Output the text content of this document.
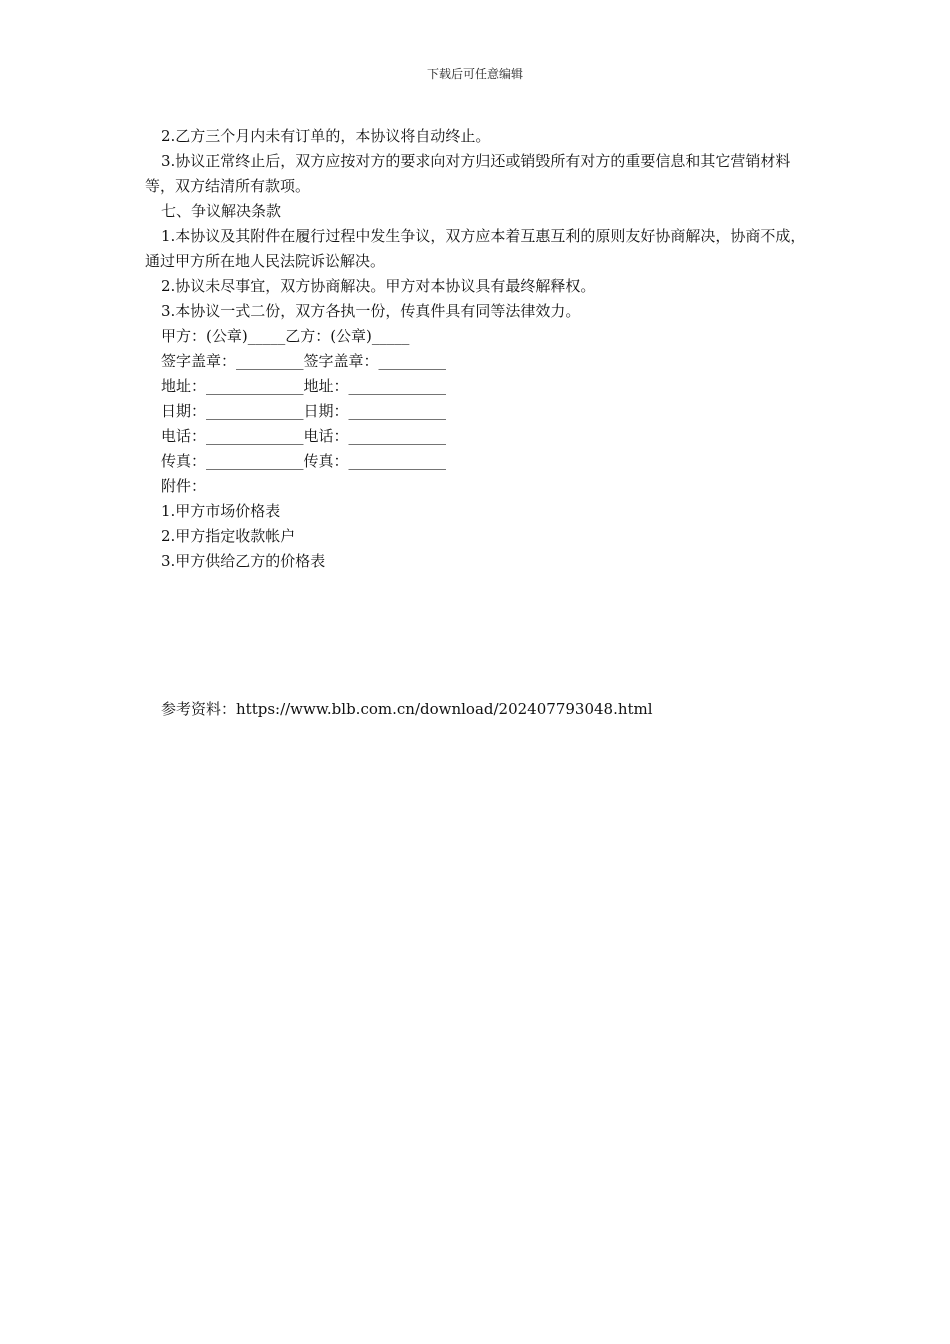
下载后可任意编辑

2.乙方三个月内未有订单的，本协议将自动终止。

3.协议正常终止后，双方应按对方的要求向对方归还或销毁所有对方的重要信息和其它营销材料等，双方结清所有款项。

七、争议解决条款

1.本协议及其附件在履行过程中发生争议，双方应本着互惠互利的原则友好协商解决，协商不成，通过甲方所在地人民法院诉讼解决。

2.协议未尽事宜，双方协商解决。甲方对本协议具有最终解释权。

3.本协议一式二份，双方各执一份，传真件具有同等法律效力。

甲方：(公章)_____乙方：(公章)_____

签字盖章：_________签字盖章：_________

地址：_____________地址：_____________

日期：_____________日期：_____________

电话：_____________电话：_____________

传真：_____________传真：_____________

附件：

1.甲方市场价格表

2.甲方指定收款帐户

3.甲方供给乙方的价格表

参考资料：https://www.blb.com.cn/download/202407793048.html
